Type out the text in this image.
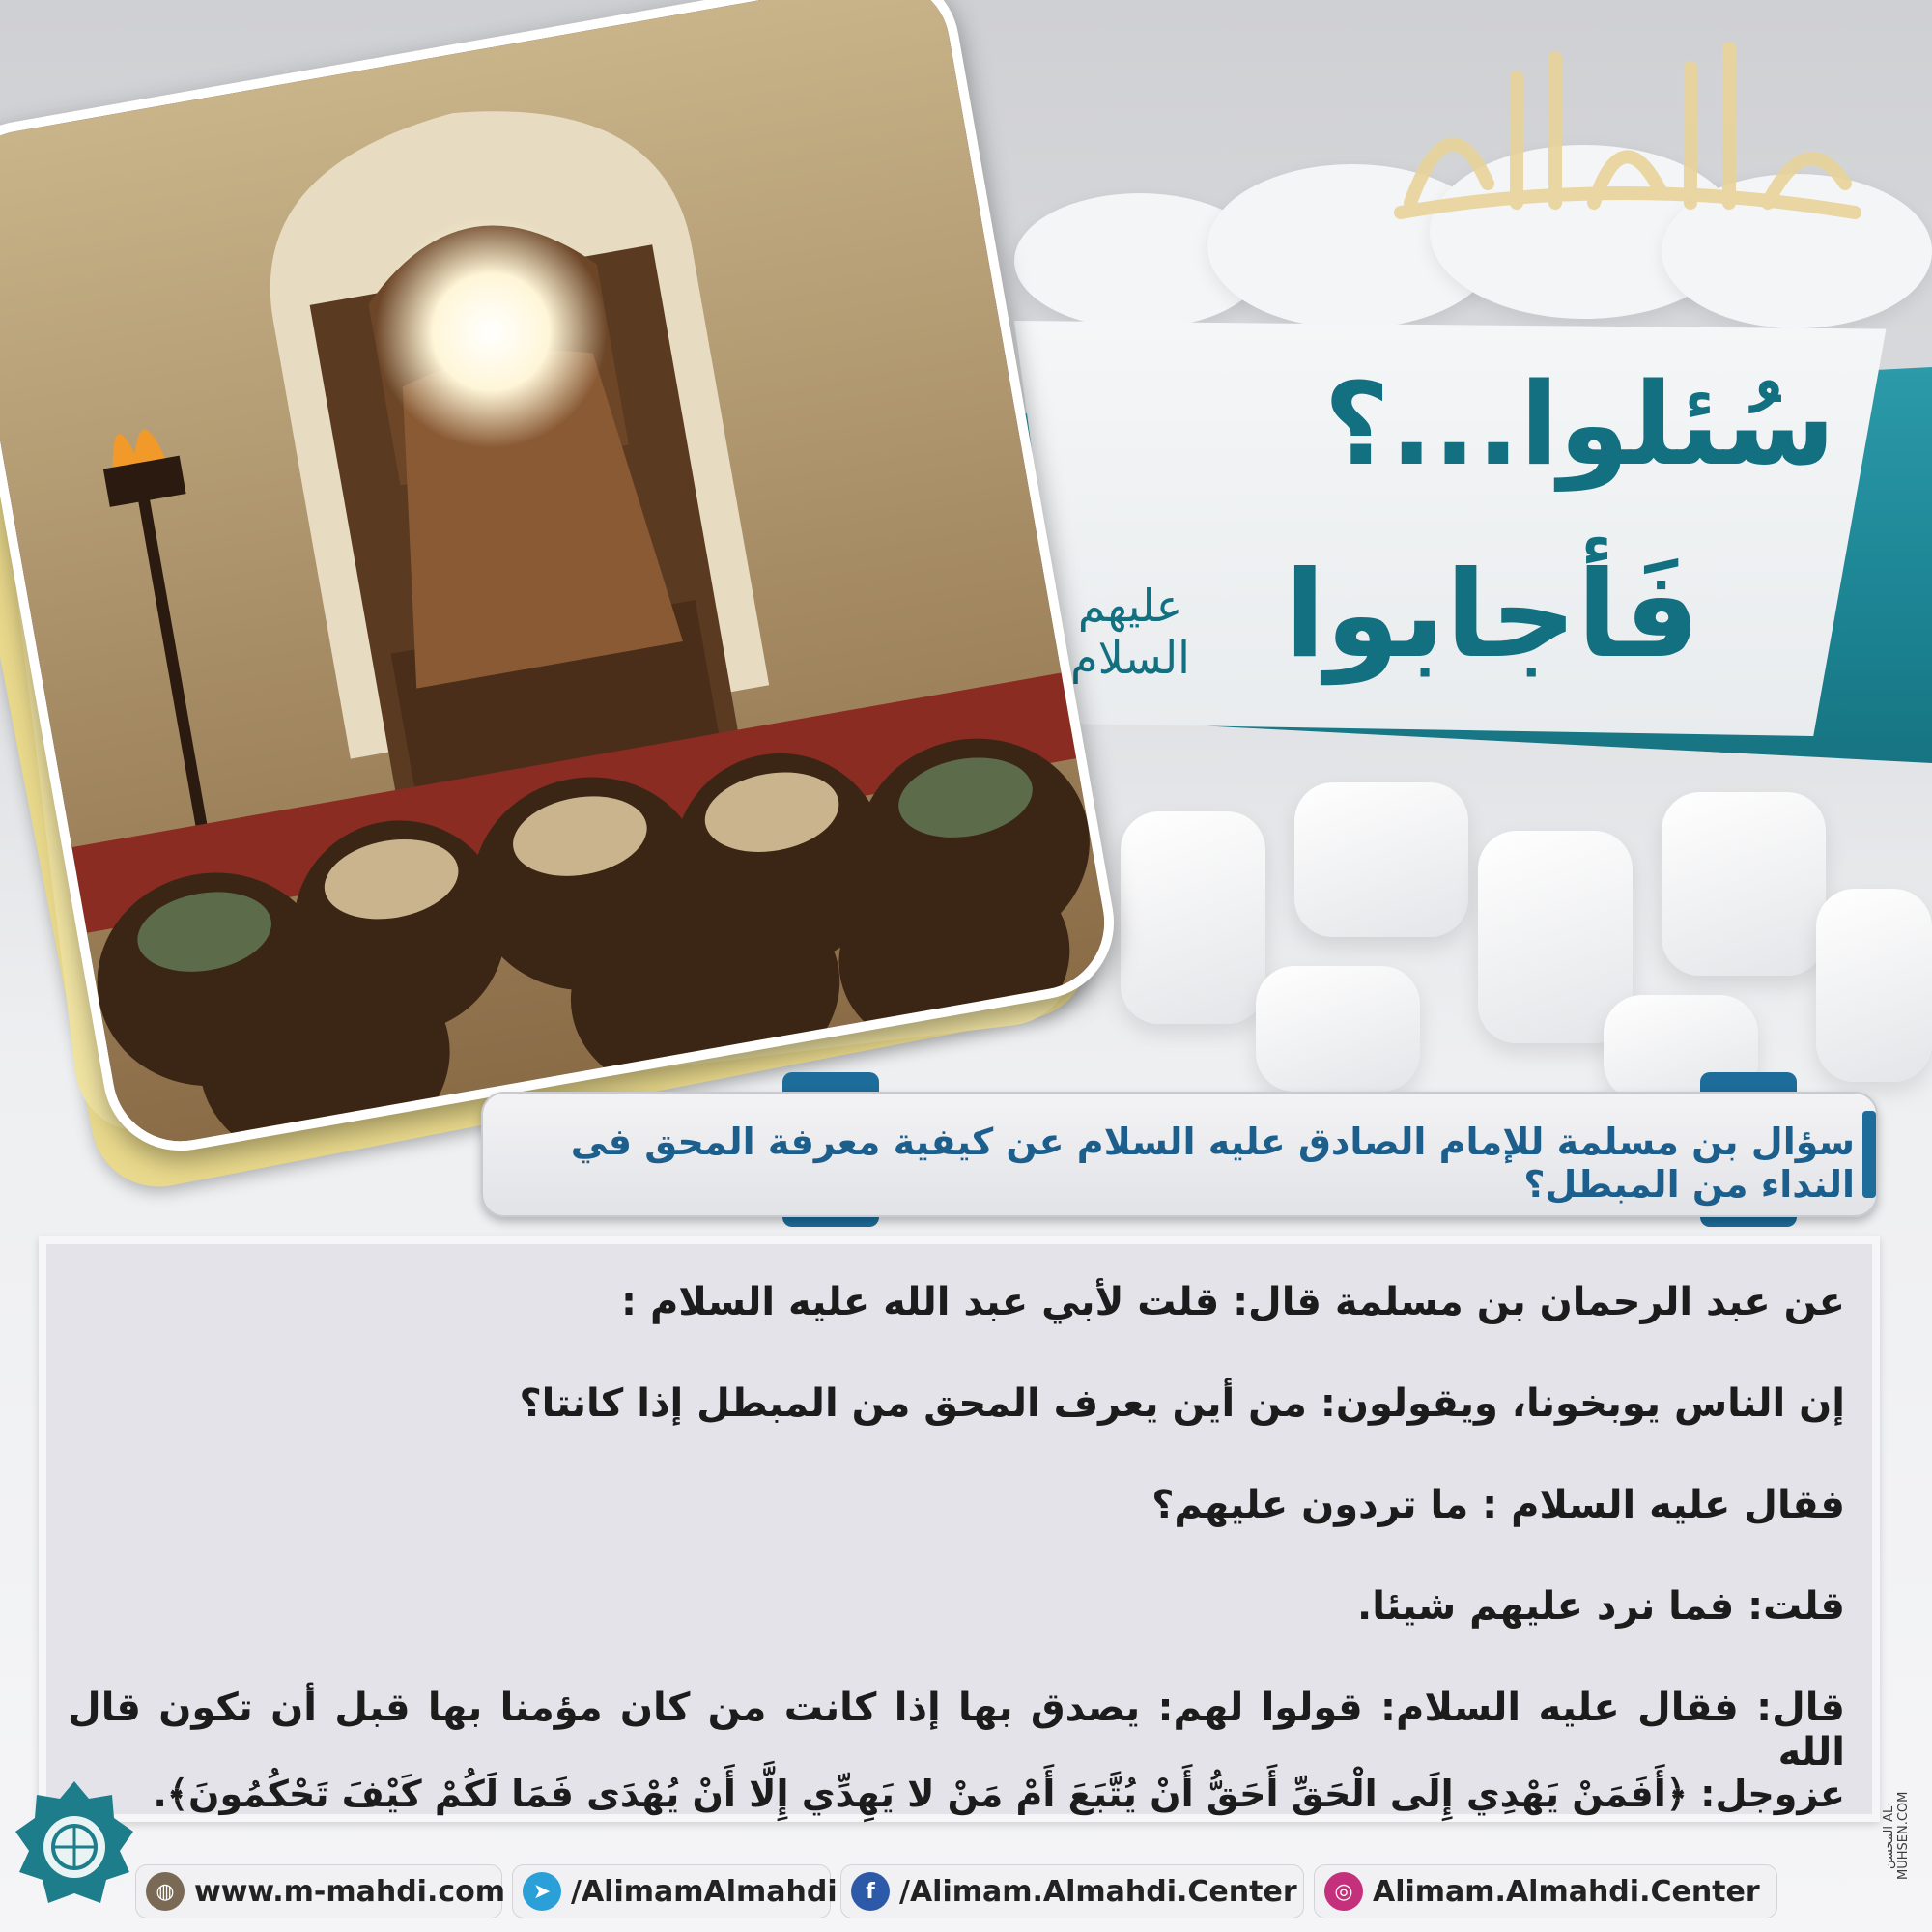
سُئلوا...؟
فَأجابوا
عليهم السلام
سؤال بن مسلمة للإمام الصادق عليه السلام عن كيفية معرفة المحق في النداء من المبطل؟
عن عبد الرحمان بن مسلمة قال: قلت لأبي عبد الله عليه السلام :
إن الناس يوبخونا، ويقولون: من أين يعرف المحق من المبطل إذا كانتا؟
فقال عليه السلام : ما تردون عليهم؟
قلت: فما نرد عليهم شيئا.
قال: فقال عليه السلام: قولوا لهم: يصدق بها إذا كانت من كان مؤمنا بها قبل أن تكون قال الله
عزوجل: ﴿أَفَمَنْ يَهْدِي إِلَى الْحَقِّ أَحَقُّ أَنْ يُتَّبَعَ أَمْ مَنْ لا يَهِدِّي إِلَّا أَنْ يُهْدَى فَمَا لَكُمْ كَيْفَ تَحْكُمُونَ﴾.
المحسن AL-MUHSEN.COM
◍ www.m-mahdi.com	➤ /AlimamAlmahdi	f /Alimam.Almahdi.Center	◎ Alimam.Almahdi.Center
